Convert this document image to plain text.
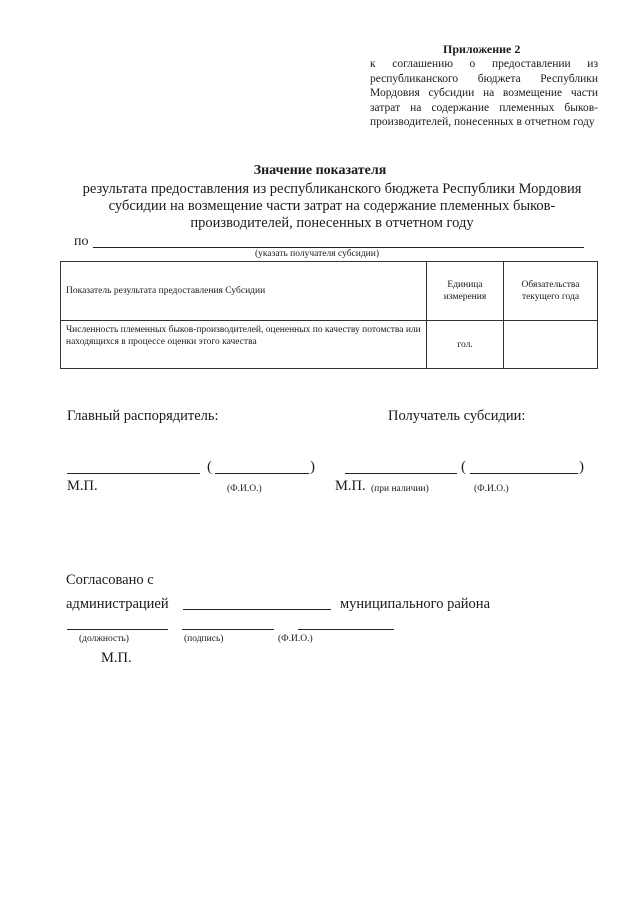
Приложение 2
к соглашению о предоставлении из республиканского бюджета Республики Мордовия субсидии на возмещение части затрат на содержание племенных быков-производителей, понесенных в отчетном году
Значение показателя
результата предоставления из республиканского бюджета Республики Мордовия
субсидии на возмещение части затрат на содержание племенных быков-
производителей, понесенных в отчетном году
по
(указать получателя субсидии)
Показатель результата предоставления Субсидии	Единица измерения	Обязательства текущего года
Численность племенных быков-производителей, оцененных по качеству потомства или находящихся в процессе оценки этого качества	гол.	
Главный распорядитель:	Получатель субсидии:
(	)
М.П.	(Ф.И.О.)
(	)
М.П. (при наличии)	(Ф.И.О.)
Согласовано с
администрацией	муниципального района
(должность)	(подпись)	(Ф.И.О.)
М.П.
